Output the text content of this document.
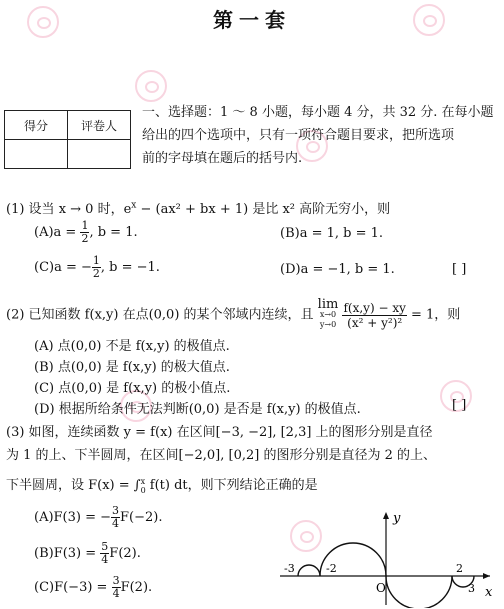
第一套
得分	评卷人

一、选择题：1 ～ 8 小题，每小题 4 分，共 32 分. 在每小题
给出的四个选项中，只有一项符合题目要求，把所选项
前的字母填在题后的括号内.
(1) 设当 x → 0 时，$e^x - (ax^2$ + bx + 1) 是比 x² 高阶无穷小，则
$(A)a = \frac{1}{2}$ , b = 1.	(B)a = 1, b = 1.
(C)a = − $\frac{1}{2}$ , b = −1.	(D)a = −1, b = 1.	[ ]
(2) 已知函数 f(x,y) 在点(0,0) 的某个邻域内连续，且
lim
x→0
y→0
$\frac{f(x,y) - xy}{\text{(x² + y²)²}} = 1$，则
(A) 点(0,0) 不是 f(x,y) 的极值点.
(B) 点(0,0) 是 f(x,y) 的极大值点.
(C) 点(0,0) 是 f(x,y) 的极小值点.
(D) 根据所给条件无法判断(0,0) 是否是 f(x,y) 的极值点.	[ ]
(3) 如图，连续函数 y = f(x) 在区间[−3, −2], [2,3] 上的图形分别是直径
为 1 的上、下半圆周，在区间[−2,0], [0,2] 的图形分别是直径为 2 的上、
下半圆周，设 F(x) = ∫ x
0 f(t) dt，则下列结论正确的是
(A)F(3) = − $\frac{3}{4} F(-2)$.
$(B)F(3) = \frac{5}{4} F(2)$.
$(C)F(-3) = \frac{3}{4} F(2)$.
y
x
O
-3	-2	2
3
